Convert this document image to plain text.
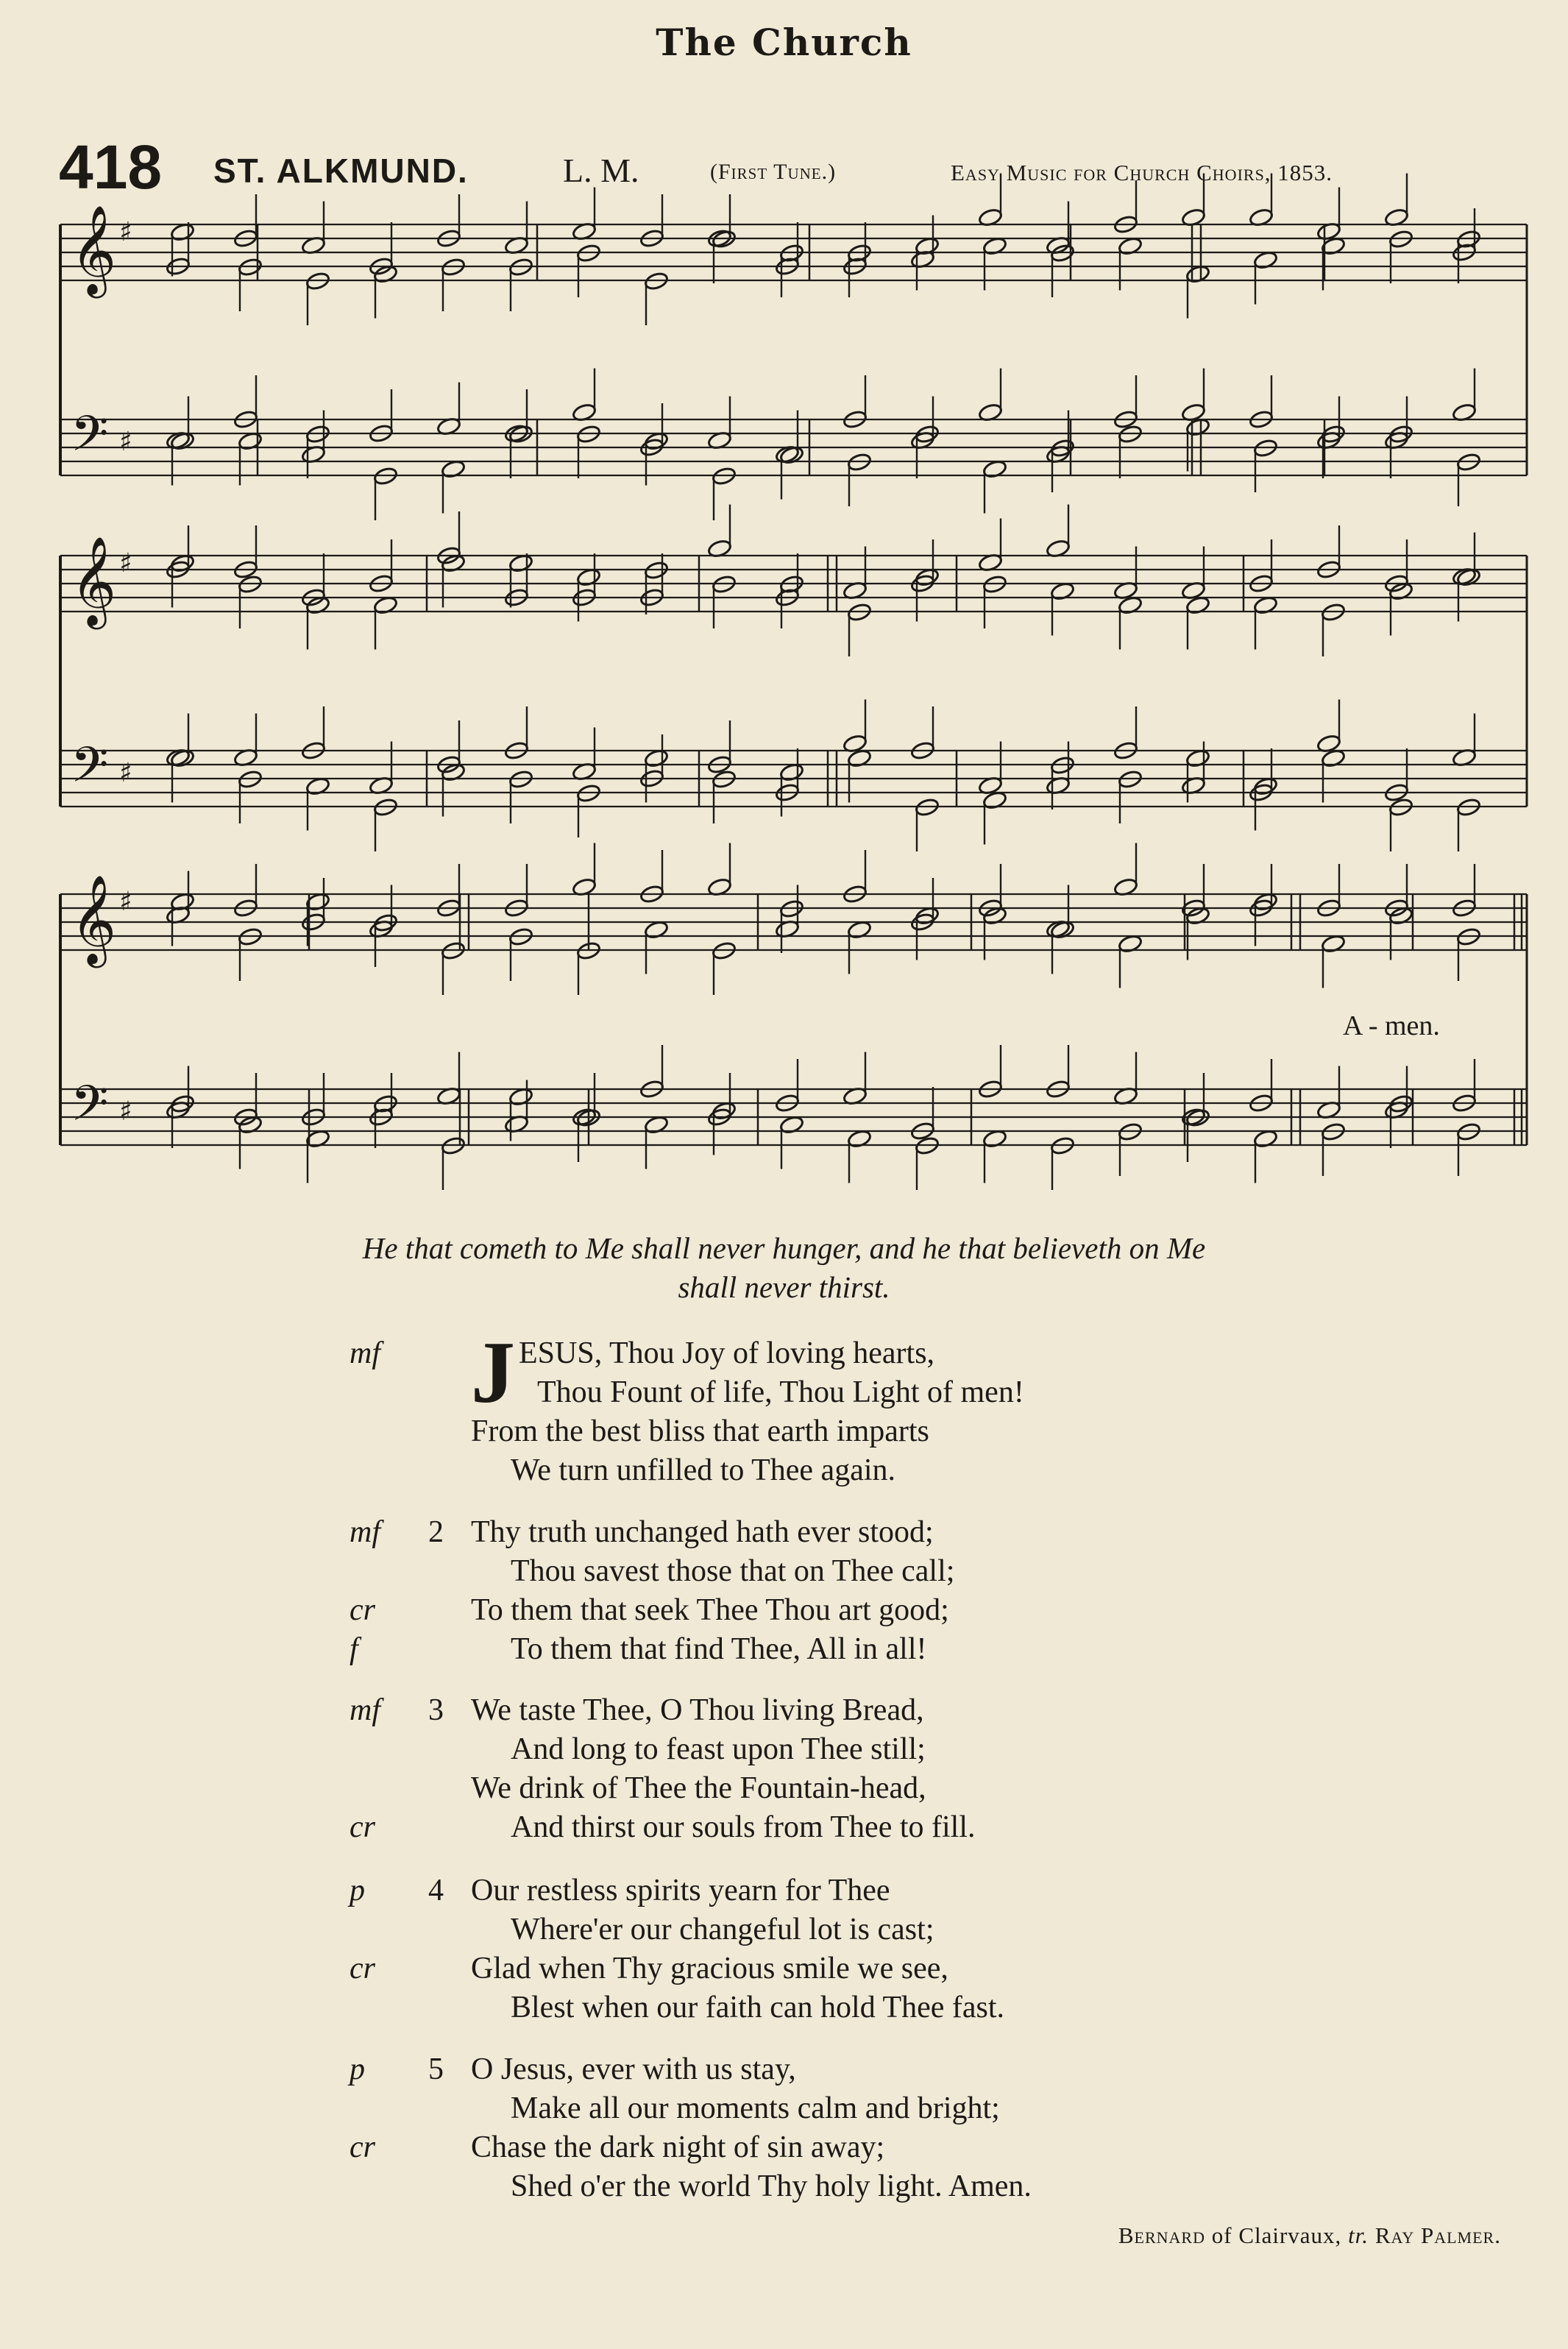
The Church
418 ST. ALKMUND.	L. M.	(First Tune.)	Easy Music for Church Choirs, 1853.
𝄞 ♯
𝄢 ♯
𝄞 ♯
𝄢 ♯
𝄞 ♯
𝄢 ♯
A - men.
He that cometh to Me shall never hunger, and he that believeth on Me
shall never thirst.
J
mf	ESUS, Thou Joy of loving hearts,
Thou Fount of life, Thou Light of men!
From the best bliss that earth imparts
We turn unfilled to Thee again.
2
mf	Thy truth unchanged hath ever stood;
Thou savest those that on Thee call;
cr	To them that seek Thee Thou art good;
f	To them that find Thee, All in all!
3
mf	We taste Thee, O Thou living Bread,
And long to feast upon Thee still;
We drink of Thee the Fountain-head,
cr	And thirst our souls from Thee to fill.
4
p	Our restless spirits yearn for Thee
Where'er our changeful lot is cast;
cr	Glad when Thy gracious smile we see,
Blest when our faith can hold Thee fast.
5
p	O Jesus, ever with us stay,
Make all our moments calm and bright;
cr	Chase the dark night of sin away;
Shed o'er the world Thy holy light. Amen.
Bernard of Clairvaux, tr. Ray Palmer.
